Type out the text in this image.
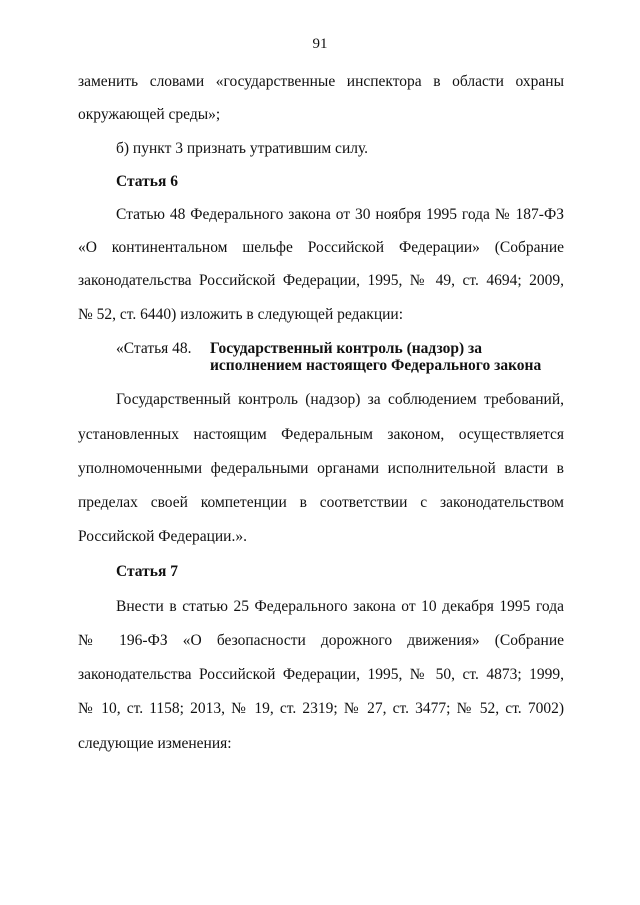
91
заменить словами «государственные инспектора в области охраны
окружающей среды»;
б) пункт 3 признать утратившим силу.
Статья 6
Статью 48 Федерального закона от 30 ноября 1995 года № 187-ФЗ
«О континентальном шельфе Российской Федерации» (Собрание
законодательства Российской Федерации, 1995, № 49, ст. 4694; 2009,
№ 52, ст. 6440) изложить в следующей редакции:
«Статья 48. Государственный контроль (надзор) за
исполнением настоящего Федерального закона
Государственный контроль (надзор) за соблюдением требований,
установленных настоящим Федеральным законом, осуществляется
уполномоченными федеральными органами исполнительной власти в
пределах своей компетенции в соответствии с законодательством
Российской Федерации.».
Статья 7
Внести в статью 25 Федерального закона от 10 декабря 1995 года
№ 196-ФЗ «О безопасности дорожного движения» (Собрание
законодательства Российской Федерации, 1995, № 50, ст. 4873; 1999,
№ 10, ст. 1158; 2013, № 19, ст. 2319; № 27, ст. 3477; № 52, ст. 7002)
следующие изменения:
